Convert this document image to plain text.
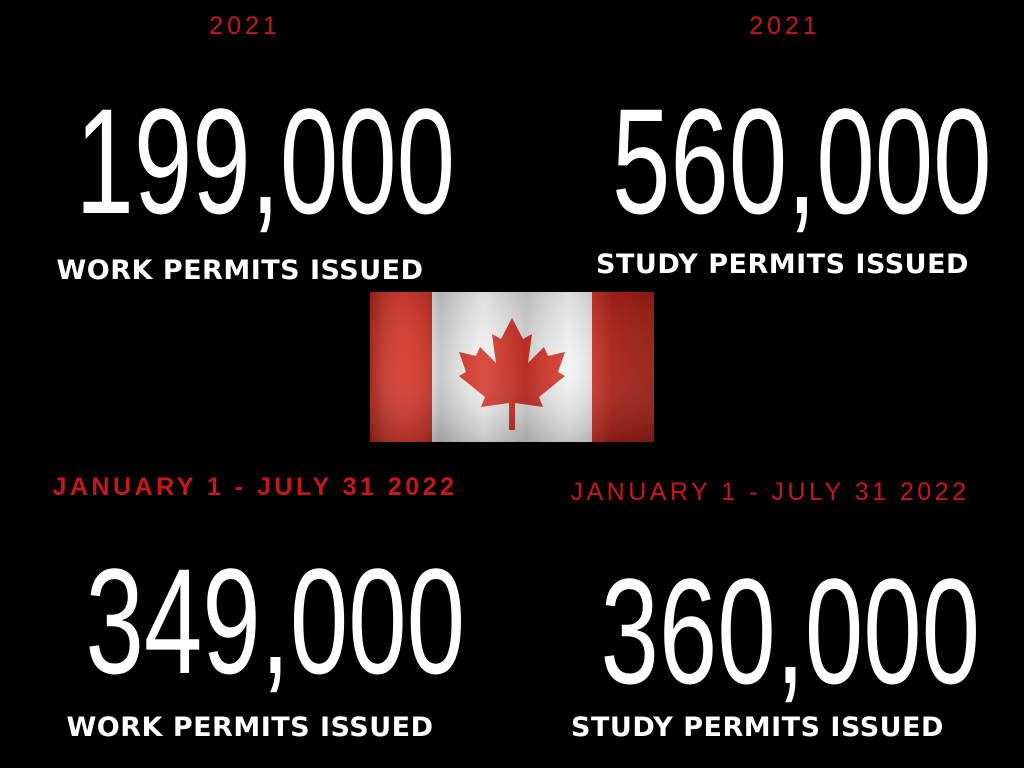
2021
199,000
WORK PERMITS ISSUED
2021
560,000
STUDY PERMITS ISSUED
JANUARY 1 - JULY 31 2022
349,000
WORK PERMITS ISSUED
JANUARY 1 - JULY 31 2022
360,000
STUDY PERMITS ISSUED
